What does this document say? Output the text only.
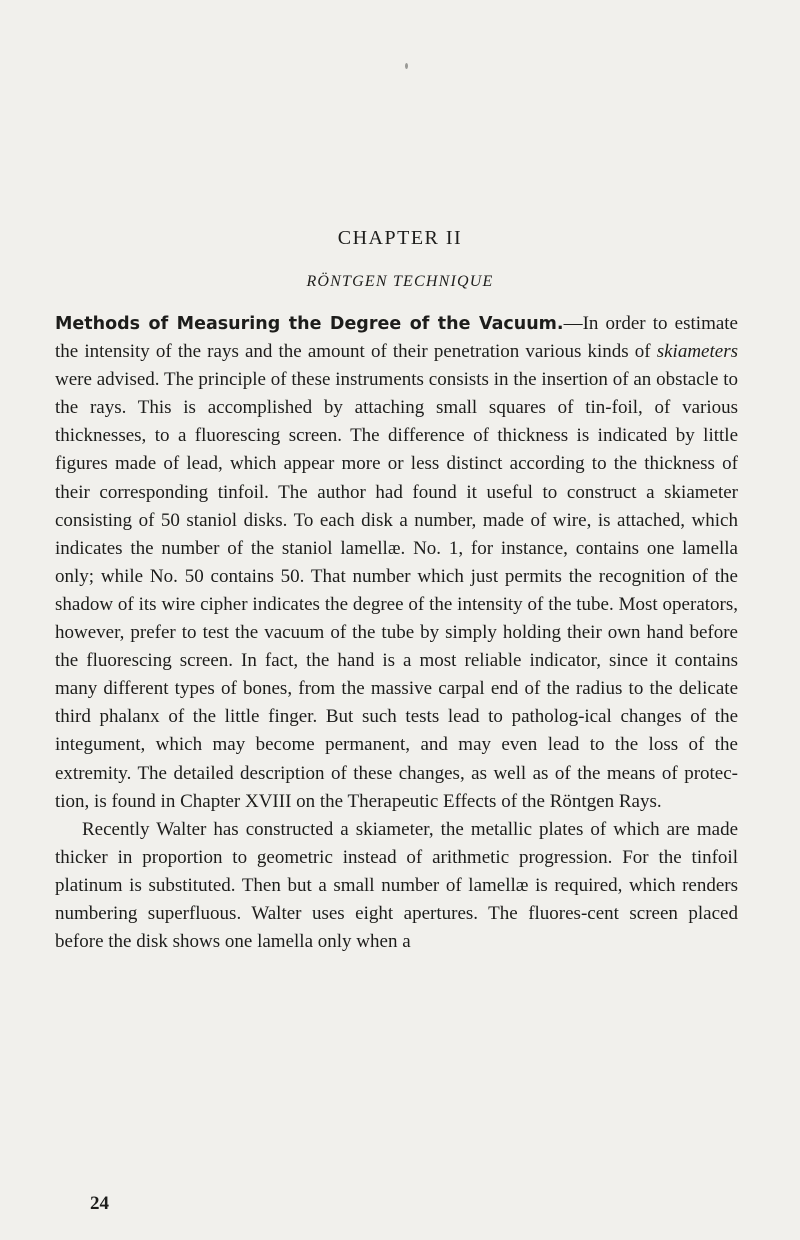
CHAPTER II
RÖNTGEN TECHNIQUE

Methods of Measuring the Degree of the Vacuum.—In order to estimate the intensity of the rays and the amount of their penetration various kinds of skiameters were advised. The principle of these instruments consists in the insertion of an obstacle to the rays. This is accomplished by attaching small squares of tin-foil, of various thicknesses, to a fluorescing screen. The difference of thickness is indicated by little figures made of lead, which appear more or less distinct according to the thickness of their corresponding tinfoil. The author had found it useful to construct a skiameter consisting of 50 staniol disks. To each disk a number, made of wire, is attached, which indicates the number of the staniol lamellæ. No. 1, for instance, contains one lamella only; while No. 50 contains 50. That number which just permits the recognition of the shadow of its wire cipher indicates the degree of the intensity of the tube. Most operators, however, prefer to test the vacuum of the tube by simply holding their own hand before the fluorescing screen. In fact, the hand is a most reliable indicator, since it contains many different types of bones, from the massive carpal end of the radius to the delicate third phalanx of the little finger. But such tests lead to patholog-ical changes of the integument, which may become permanent, and may even lead to the loss of the extremity. The detailed description of these changes, as well as of the means of protec-tion, is found in Chapter XVIII on the Therapeutic Effects of the Röntgen Rays.

Recently Walter has constructed a skiameter, the metallic plates of which are made thicker in proportion to geometric instead of arithmetic progression. For the tinfoil platinum is substituted. Then but a small number of lamellæ is required, which renders numbering superfluous. Walter uses eight apertures. The fluores-cent screen placed before the disk shows one lamella only when a

24
